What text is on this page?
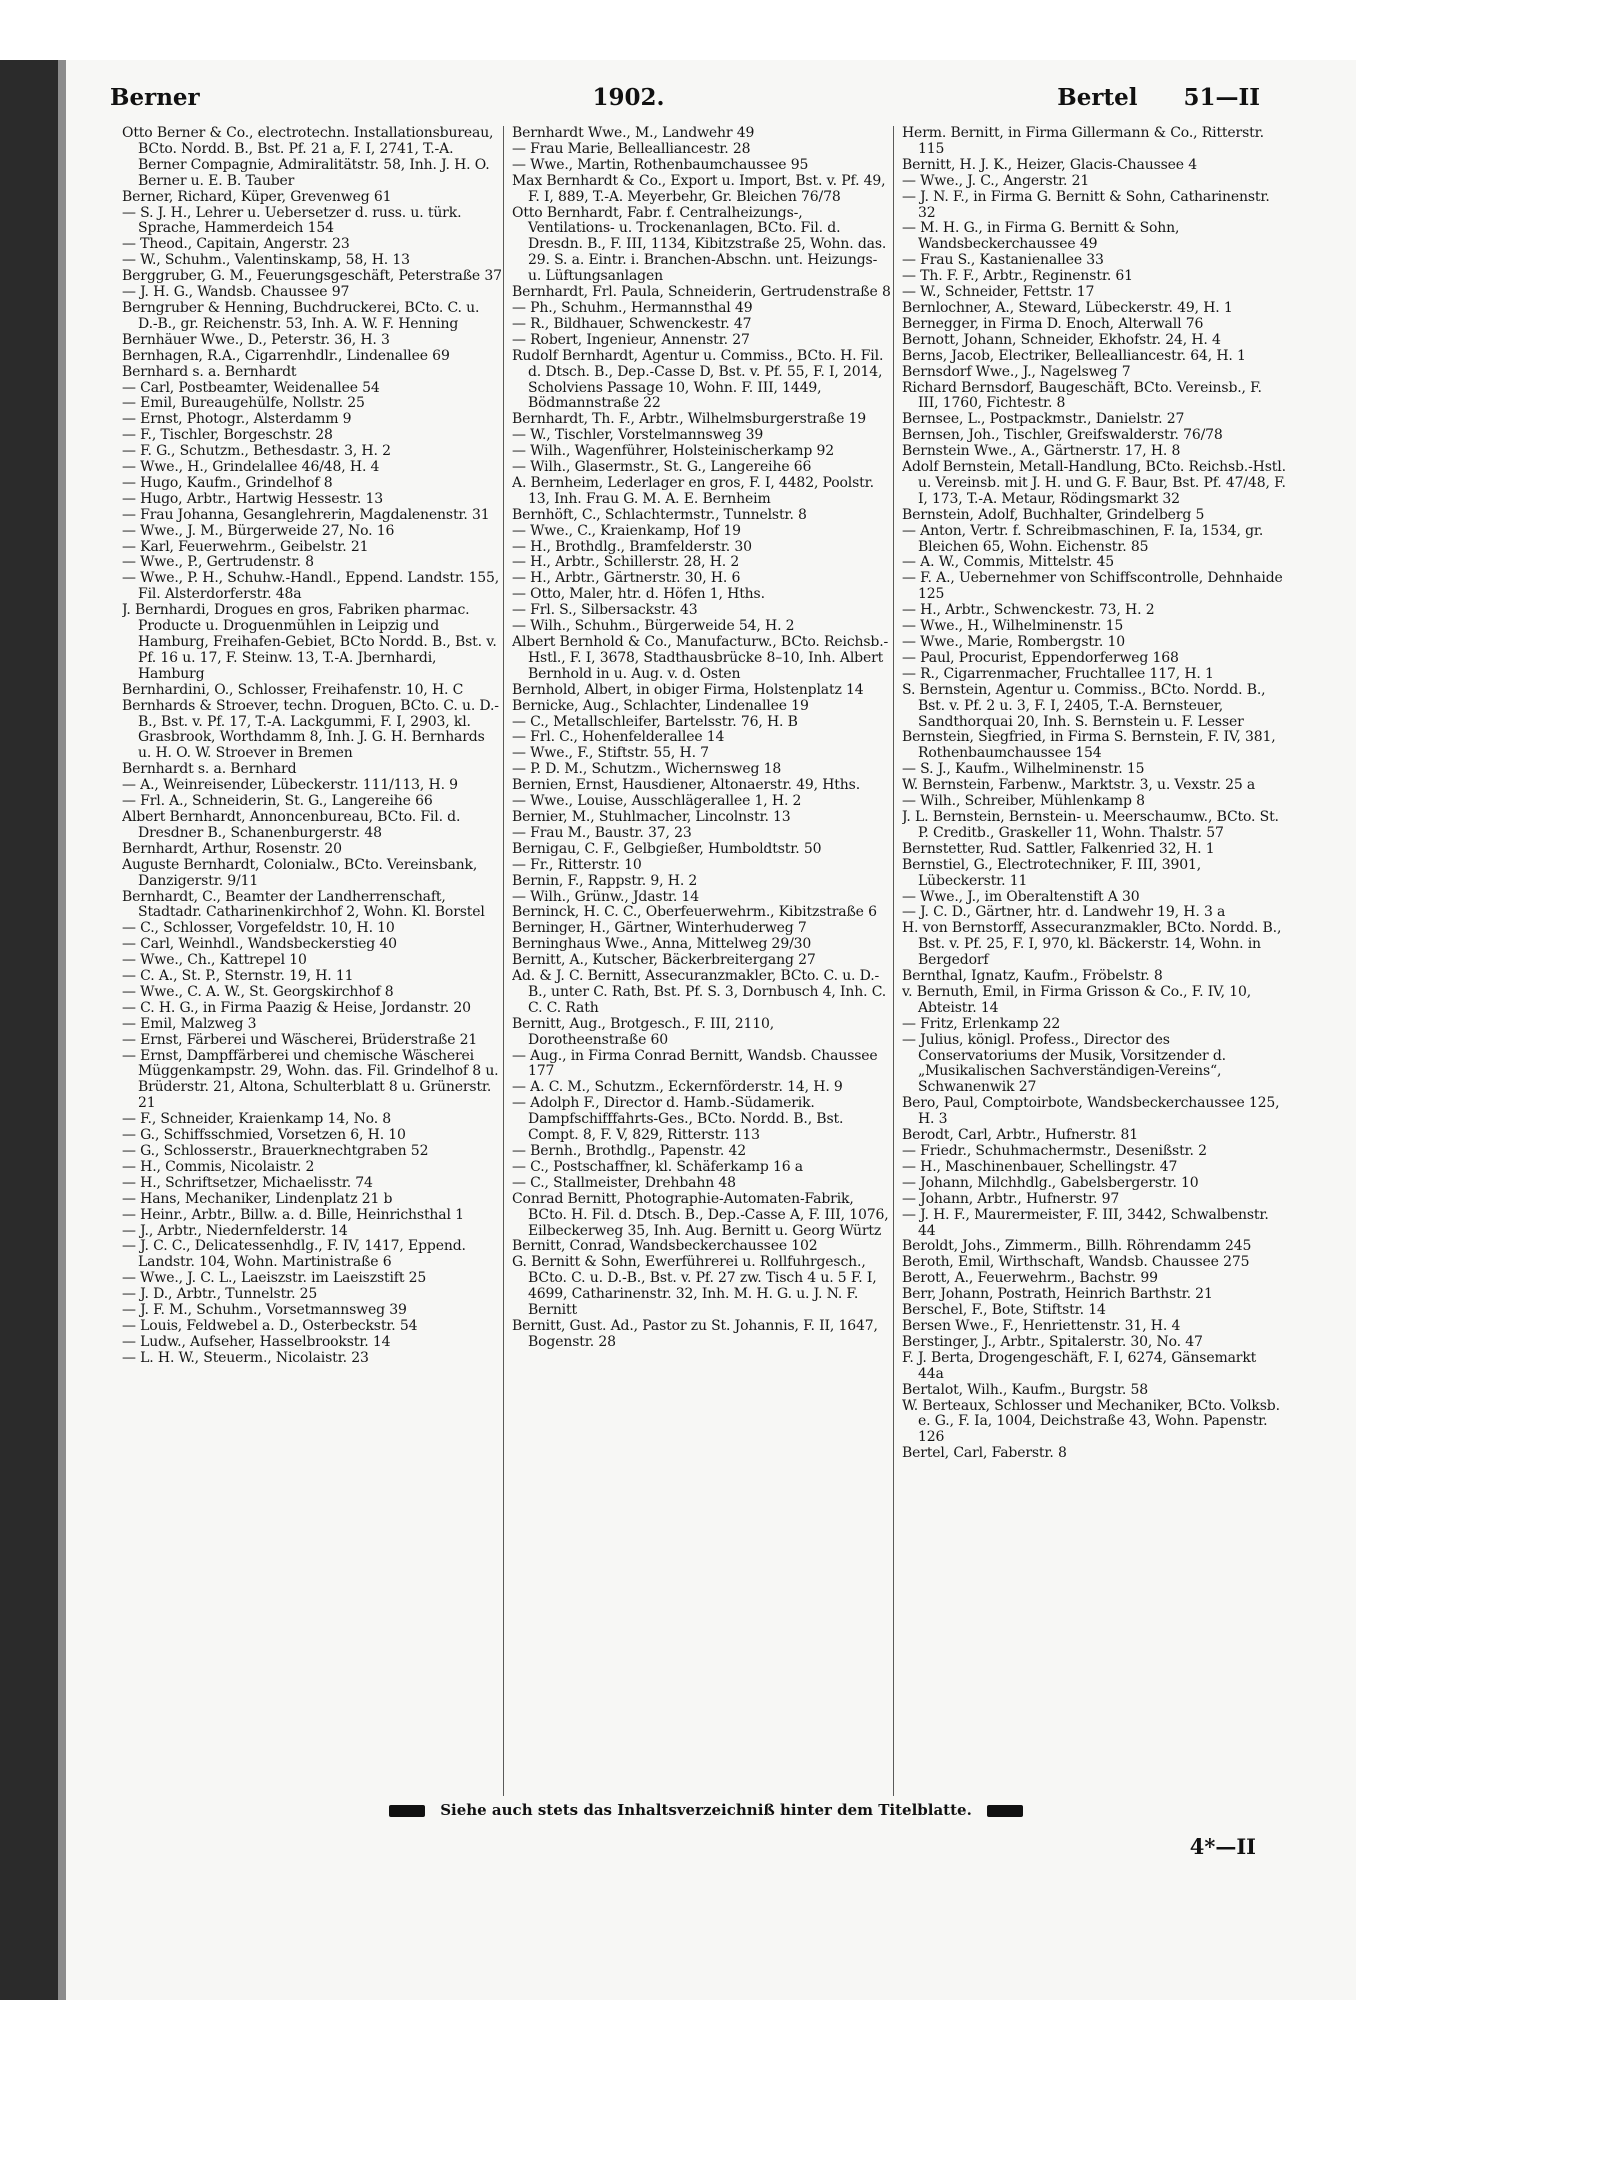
Berner	1902.	Bertel 51—II

Otto Berner & Co., electrotechn. Installationsbureau, BCto. Nordd. B., Bst. Pf. 21 a, F. I, 2741, T.-A. Berner Compagnie, Admiralitätstr. 58, Inh. J. H. O. Berner u. E. B. Tauber

Berner, Richard, Küper, Grevenweg 61

— S. J. H., Lehrer u. Uebersetzer d. russ. u. türk. Sprache, Hammerdeich 154

— Theod., Capitain, Angerstr. 23

— W., Schuhm., Valentinskamp, 58, H. 13

Berggruber, G. M., Feuerungsgeschäft, Peterstraße 37

— J. H. G., Wandsb. Chaussee 97

Berngruber & Henning, Buchdruckerei, BCto. C. u. D.-B., gr. Reichenstr. 53, Inh. A. W. F. Henning

Bernhäuer Wwe., D., Peterstr. 36, H. 3

Bernhagen, R.A., Cigarrenhdlr., Lindenallee 69

Bernhard s. a. Bernhardt

— Carl, Postbeamter, Weidenallee 54

— Emil, Bureaugehülfe, Nollstr. 25

— Ernst, Photogr., Alsterdamm 9

— F., Tischler, Borgeschstr. 28

— F. G., Schutzm., Bethesdastr. 3, H. 2

— Wwe., H., Grindelallee 46/48, H. 4

— Hugo, Kaufm., Grindelhof 8

— Hugo, Arbtr., Hartwig Hessestr. 13

— Frau Johanna, Gesanglehrerin, Magdalenenstr. 31

— Wwe., J. M., Bürgerweide 27, No. 16

— Karl, Feuerwehrm., Geibelstr. 21

— Wwe., P., Gertrudenstr. 8

— Wwe., P. H., Schuhw.-Handl., Eppend. Landstr. 155, Fil. Alsterdorferstr. 48a

J. Bernhardi, Drogues en gros, Fabriken pharmac. Producte u. Droguenmühlen in Leipzig und Hamburg, Freihafen-Gebiet, BCto Nordd. B., Bst. v. Pf. 16 u. 17, F. Steinw. 13, T.-A. Jbernhardi, Hamburg

Bernhardini, O., Schlosser, Freihafenstr. 10, H. C

Bernhards & Stroever, techn. Droguen, BCto. C. u. D.-B., Bst. v. Pf. 17, T.-A. Lackgummi, F. I, 2903, kl. Grasbrook, Worthdamm 8, Inh. J. G. H. Bernhards u. H. O. W. Stroever in Bremen

Bernhardt s. a. Bernhard

— A., Weinreisender, Lübeckerstr. 111/113, H. 9

— Frl. A., Schneiderin, St. G., Langereihe 66

Albert Bernhardt, Annoncenbureau, BCto. Fil. d. Dresdner B., Schanenburgerstr. 48

Bernhardt, Arthur, Rosenstr. 20

Auguste Bernhardt, Colonialw., BCto. Vereinsbank, Danzigerstr. 9/11

Bernhardt, C., Beamter der Landherrenschaft, Stadtadr. Catharinenkirchhof 2, Wohn. Kl. Borstel

— C., Schlosser, Vorgefeldstr. 10, H. 10

— Carl, Weinhdl., Wandsbeckerstieg 40

— Wwe., Ch., Kattrepel 10

— C. A., St. P., Sternstr. 19, H. 11

— Wwe., C. A. W., St. Georgskirchhof 8

— C. H. G., in Firma Paazig & Heise, Jordanstr. 20

— Emil, Malzweg 3

— Ernst, Färberei und Wäscherei, Brüderstraße 21

— Ernst, Dampffärberei und chemische Wäscherei Müggenkampstr. 29, Wohn. das. Fil. Grindelhof 8 u. Brüderstr. 21, Altona, Schulterblatt 8 u. Grünerstr. 21

— F., Schneider, Kraienkamp 14, No. 8

— G., Schiffsschmied, Vorsetzen 6, H. 10

— G., Schlosserstr., Brauerknechtgraben 52

— H., Commis, Nicolaistr. 2

— H., Schriftsetzer, Michaelisstr. 74

— Hans, Mechaniker, Lindenplatz 21 b

— Heinr., Arbtr., Billw. a. d. Bille, Heinrichsthal 1

— J., Arbtr., Niedernfelderstr. 14

— J. C. C., Delicatessenhdlg., F. IV, 1417, Eppend. Landstr. 104, Wohn. Martinistraße 6

— Wwe., J. C. L., Laeiszstr. im Laeiszstift 25

— J. D., Arbtr., Tunnelstr. 25

— J. F. M., Schuhm., Vorsetmannsweg 39

— Louis, Feldwebel a. D., Osterbeckstr. 54

— Ludw., Aufseher, Hasselbrookstr. 14

— L. H. W., Steuerm., Nicolaistr. 23

Bernhardt Wwe., M., Landwehr 49

— Frau Marie, Bellealliancestr. 28

— Wwe., Martin, Rothenbaumchaussee 95

Max Bernhardt & Co., Export u. Import, Bst. v. Pf. 49, F. I, 889, T.-A. Meyerbehr, Gr. Bleichen 76/78

Otto Bernhardt, Fabr. f. Centralheizungs-, Ventilations- u. Trockenanlagen, BCto. Fil. d. Dresdn. B., F. III, 1134, Kibitzstraße 25, Wohn. das. 29. S. a. Eintr. i. Branchen-Abschn. unt. Heizungs- u. Lüftungsanlagen

Bernhardt, Frl. Paula, Schneiderin, Gertrudenstraße 8

— Ph., Schuhm., Hermannsthal 49

— R., Bildhauer, Schwenckestr. 47

— Robert, Ingenieur, Annenstr. 27

Rudolf Bernhardt, Agentur u. Commiss., BCto. H. Fil. d. Dtsch. B., Dep.-Casse D, Bst. v. Pf. 55, F. I, 2014, Scholviens Passage 10, Wohn. F. III, 1449, Bödmannstraße 22

Bernhardt, Th. F., Arbtr., Wilhelmsburgerstraße 19

— W., Tischler, Vorstelmannsweg 39

— Wilh., Wagenführer, Holsteinischerkamp 92

— Wilh., Glasermstr., St. G., Langereihe 66

A. Bernheim, Lederlager en gros, F. I, 4482, Poolstr. 13, Inh. Frau G. M. A. E. Bernheim

Bernhöft, C., Schlachtermstr., Tunnelstr. 8

— Wwe., C., Kraienkamp, Hof 19

— H., Brothdlg., Bramfelderstr. 30

— H., Arbtr., Schillerstr. 28, H. 2

— H., Arbtr., Gärtnerstr. 30, H. 6

— Otto, Maler, htr. d. Höfen 1, Hths.

— Frl. S., Silbersackstr. 43

— Wilh., Schuhm., Bürgerweide 54, H. 2

Albert Bernhold & Co., Manufacturw., BCto. Reichsb.-Hstl., F. I, 3678, Stadthausbrücke 8–10, Inh. Albert Bernhold in u. Aug. v. d. Osten

Bernhold, Albert, in obiger Firma, Holstenplatz 14

Bernicke, Aug., Schlachter, Lindenallee 19

— C., Metallschleifer, Bartelsstr. 76, H. B

— Frl. C., Hohenfelderallee 14

— Wwe., F., Stiftstr. 55, H. 7

— P. D. M., Schutzm., Wichernsweg 18

Bernien, Ernst, Hausdiener, Altonaerstr. 49, Hths.

— Wwe., Louise, Ausschlägerallee 1, H. 2

Bernier, M., Stuhlmacher, Lincolnstr. 13

— Frau M., Baustr. 37, 23

Bernigau, C. F., Gelbgießer, Humboldtstr. 50

— Fr., Ritterstr. 10

Bernin, F., Rappstr. 9, H. 2

— Wilh., Grünw., Jdastr. 14

Berninck, H. C. C., Oberfeuerwehrm., Kibitzstraße 6

Berninger, H., Gärtner, Winterhuderweg 7

Berninghaus Wwe., Anna, Mittelweg 29/30

Bernitt, A., Kutscher, Bäckerbreitergang 27

Ad. & J. C. Bernitt, Assecuranzmakler, BCto. C. u. D.-B., unter C. Rath, Bst. Pf. S. 3, Dornbusch 4, Inh. C. C. C. Rath

Bernitt, Aug., Brotgesch., F. III, 2110, Dorotheenstraße 60

— Aug., in Firma Conrad Bernitt, Wandsb. Chaussee 177

— A. C. M., Schutzm., Eckernförderstr. 14, H. 9

— Adolph F., Director d. Hamb.-Südamerik. Dampfschifffahrts-Ges., BCto. Nordd. B., Bst. Compt. 8, F. V, 829, Ritterstr. 113

— Bernh., Brothdlg., Papenstr. 42

— C., Postschaffner, kl. Schäferkamp 16 a

— C., Stallmeister, Drehbahn 48

Conrad Bernitt, Photographie-Automaten-Fabrik, BCto. H. Fil. d. Dtsch. B., Dep.-Casse A, F. III, 1076, Eilbeckerweg 35, Inh. Aug. Bernitt u. Georg Würtz

Bernitt, Conrad, Wandsbeckerchaussee 102

G. Bernitt & Sohn, Ewerführerei u. Rollfuhrgesch., BCto. C. u. D.-B., Bst. v. Pf. 27 zw. Tisch 4 u. 5 F. I, 4699, Catharinenstr. 32, Inh. M. H. G. u. J. N. F. Bernitt

Bernitt, Gust. Ad., Pastor zu St. Johannis, F. II, 1647, Bogenstr. 28

Herm. Bernitt, in Firma Gillermann & Co., Ritterstr. 115

Bernitt, H. J. K., Heizer, Glacis-Chaussee 4

— Wwe., J. C., Angerstr. 21

— J. N. F., in Firma G. Bernitt & Sohn, Catharinenstr. 32

— M. H. G., in Firma G. Bernitt & Sohn, Wandsbeckerchaussee 49

— Frau S., Kastanienallee 33

— Th. F. F., Arbtr., Reginenstr. 61

— W., Schneider, Fettstr. 17

Bernlochner, A., Steward, Lübeckerstr. 49, H. 1

Bernegger, in Firma D. Enoch, Alterwall 76

Bernott, Johann, Schneider, Ekhofstr. 24, H. 4

Berns, Jacob, Electriker, Bellealliancestr. 64, H. 1

Bernsdorf Wwe., J., Nagelsweg 7

Richard Bernsdorf, Baugeschäft, BCto. Vereinsb., F. III, 1760, Fichtestr. 8

Bernsee, L., Postpackmstr., Danielstr. 27

Bernsen, Joh., Tischler, Greifswalderstr. 76/78

Bernstein Wwe., A., Gärtnerstr. 17, H. 8

Adolf Bernstein, Metall-Handlung, BCto. Reichsb.-Hstl. u. Vereinsb. mit J. H. und G. F. Baur, Bst. Pf. 47/48, F. I, 173, T.-A. Metaur, Rödingsmarkt 32

Bernstein, Adolf, Buchhalter, Grindelberg 5

— Anton, Vertr. f. Schreibmaschinen, F. Ia, 1534, gr. Bleichen 65, Wohn. Eichenstr. 85

— A. W., Commis, Mittelstr. 45

— F. A., Uebernehmer von Schiffscontrolle, Dehnhaide 125

— H., Arbtr., Schwenckestr. 73, H. 2

— Wwe., H., Wilhelminenstr. 15

— Wwe., Marie, Rombergstr. 10

— Paul, Procurist, Eppendorferweg 168

— R., Cigarrenmacher, Fruchtallee 117, H. 1

S. Bernstein, Agentur u. Commiss., BCto. Nordd. B., Bst. v. Pf. 2 u. 3, F. I, 2405, T.-A. Bernsteuer, Sandthorquai 20, Inh. S. Bernstein u. F. Lesser

Bernstein, Siegfried, in Firma S. Bernstein, F. IV, 381, Rothenbaumchaussee 154

— S. J., Kaufm., Wilhelminenstr. 15

W. Bernstein, Farbenw., Marktstr. 3, u. Vexstr. 25 a

— Wilh., Schreiber, Mühlenkamp 8

J. L. Bernstein, Bernstein- u. Meerschaumw., BCto. St. P. Creditb., Graskeller 11, Wohn. Thalstr. 57

Bernstetter, Rud. Sattler, Falkenried 32, H. 1

Bernstiel, G., Electrotechniker, F. III, 3901, Lübeckerstr. 11

— Wwe., J., im Oberaltenstift A 30

— J. C. D., Gärtner, htr. d. Landwehr 19, H. 3 a

H. von Bernstorff, Assecuranzmakler, BCto. Nordd. B., Bst. v. Pf. 25, F. I, 970, kl. Bäckerstr. 14, Wohn. in Bergedorf

Bernthal, Ignatz, Kaufm., Fröbelstr. 8

v. Bernuth, Emil, in Firma Grisson & Co., F. IV, 10, Abteistr. 14

— Fritz, Erlenkamp 22

— Julius, königl. Profess., Director des Conservatoriums der Musik, Vorsitzender d. „Musikalischen Sachverständigen-Vereins“, Schwanenwik 27

Bero, Paul, Comptoirbote, Wandsbeckerchaussee 125, H. 3

Berodt, Carl, Arbtr., Hufnerstr. 81

— Friedr., Schuhmachermstr., Desenißstr. 2

— H., Maschinenbauer, Schellingstr. 47

— Johann, Milchhdlg., Gabelsbergerstr. 10

— Johann, Arbtr., Hufnerstr. 97

— J. H. F., Maurermeister, F. III, 3442, Schwalbenstr. 44

Beroldt, Johs., Zimmerm., Billh. Röhrendamm 245

Beroth, Emil, Wirthschaft, Wandsb. Chaussee 275

Berott, A., Feuerwehrm., Bachstr. 99

Berr, Johann, Postrath, Heinrich Barthstr. 21

Berschel, F., Bote, Stiftstr. 14

Bersen Wwe., F., Henriettenstr. 31, H. 4

Berstinger, J., Arbtr., Spitalerstr. 30, No. 47

F. J. Berta, Drogengeschäft, F. I, 6274, Gänsemarkt 44a

Bertalot, Wilh., Kaufm., Burgstr. 58

W. Berteaux, Schlosser und Mechaniker, BCto. Volksb. e. G., F. Ia, 1004, Deichstraße 43, Wohn. Papenstr. 126

Bertel, Carl, Faberstr. 8

Siehe auch stets das Inhaltsverzeichniß hinter dem Titelblatte.
4*—II
